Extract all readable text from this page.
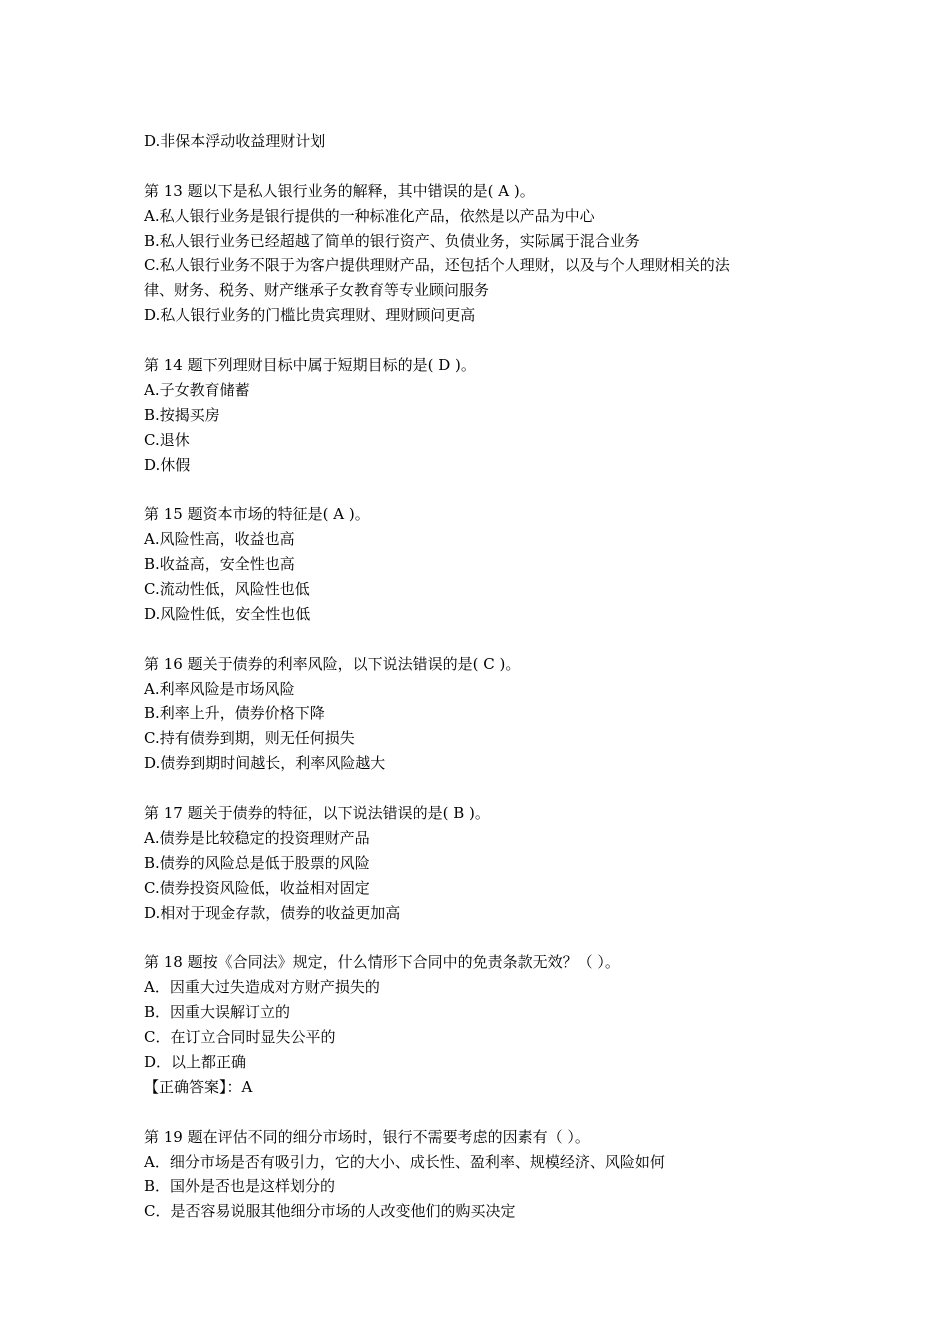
D.非保本浮动收益理财计划
第 13 题以下是私人银行业务的解释，其中错误的是( A )。
A.私人银行业务是银行提供的一种标准化产品，依然是以产品为中心
B.私人银行业务已经超越了简单的银行资产、负债业务，实际属于混合业务
C.私人银行业务不限于为客户提供理财产品，还包括个人理财，以及与个人理财相关的法
律、财务、税务、财产继承子女教育等专业顾问服务
D.私人银行业务的门槛比贵宾理财、理财顾问更高
第 14 题下列理财目标中属于短期目标的是( D )。
A.子女教育储蓄
B.按揭买房
C.退休
D.休假
第 15 题资本市场的特征是( A )。
A.风险性高，收益也高
B.收益高，安全性也高
C.流动性低，风险性也低
D.风险性低，安全性也低
第 16 题关于债券的利率风险，以下说法错误的是( C )。
A.利率风险是市场风险
B.利率上升，债券价格下降
C.持有债券到期，则无任何损失
D.债券到期时间越长，利率风险越大
第 17 题关于债券的特征，以下说法错误的是( B )。
A.债券是比较稳定的投资理财产品
B.债券的风险总是低于股票的风险
C.债券投资风险低，收益相对固定
D.相对于现金存款，债券的收益更加高
第 18 题按《合同法》规定，什么情形下合同中的免责条款无效？（ ）。
A．因重大过失造成对方财产损失的
B．因重大误解订立的
C．在订立合同时显失公平的
D．以上都正确
【正确答案】：A
第 19 题在评估不同的细分市场时，银行不需要考虑的因素有（ ）。
A．细分市场是否有吸引力，它的大小、成长性、盈利率、规模经济、风险如何
B．国外是否也是这样划分的
C．是否容易说服其他细分市场的人改变他们的购买决定
